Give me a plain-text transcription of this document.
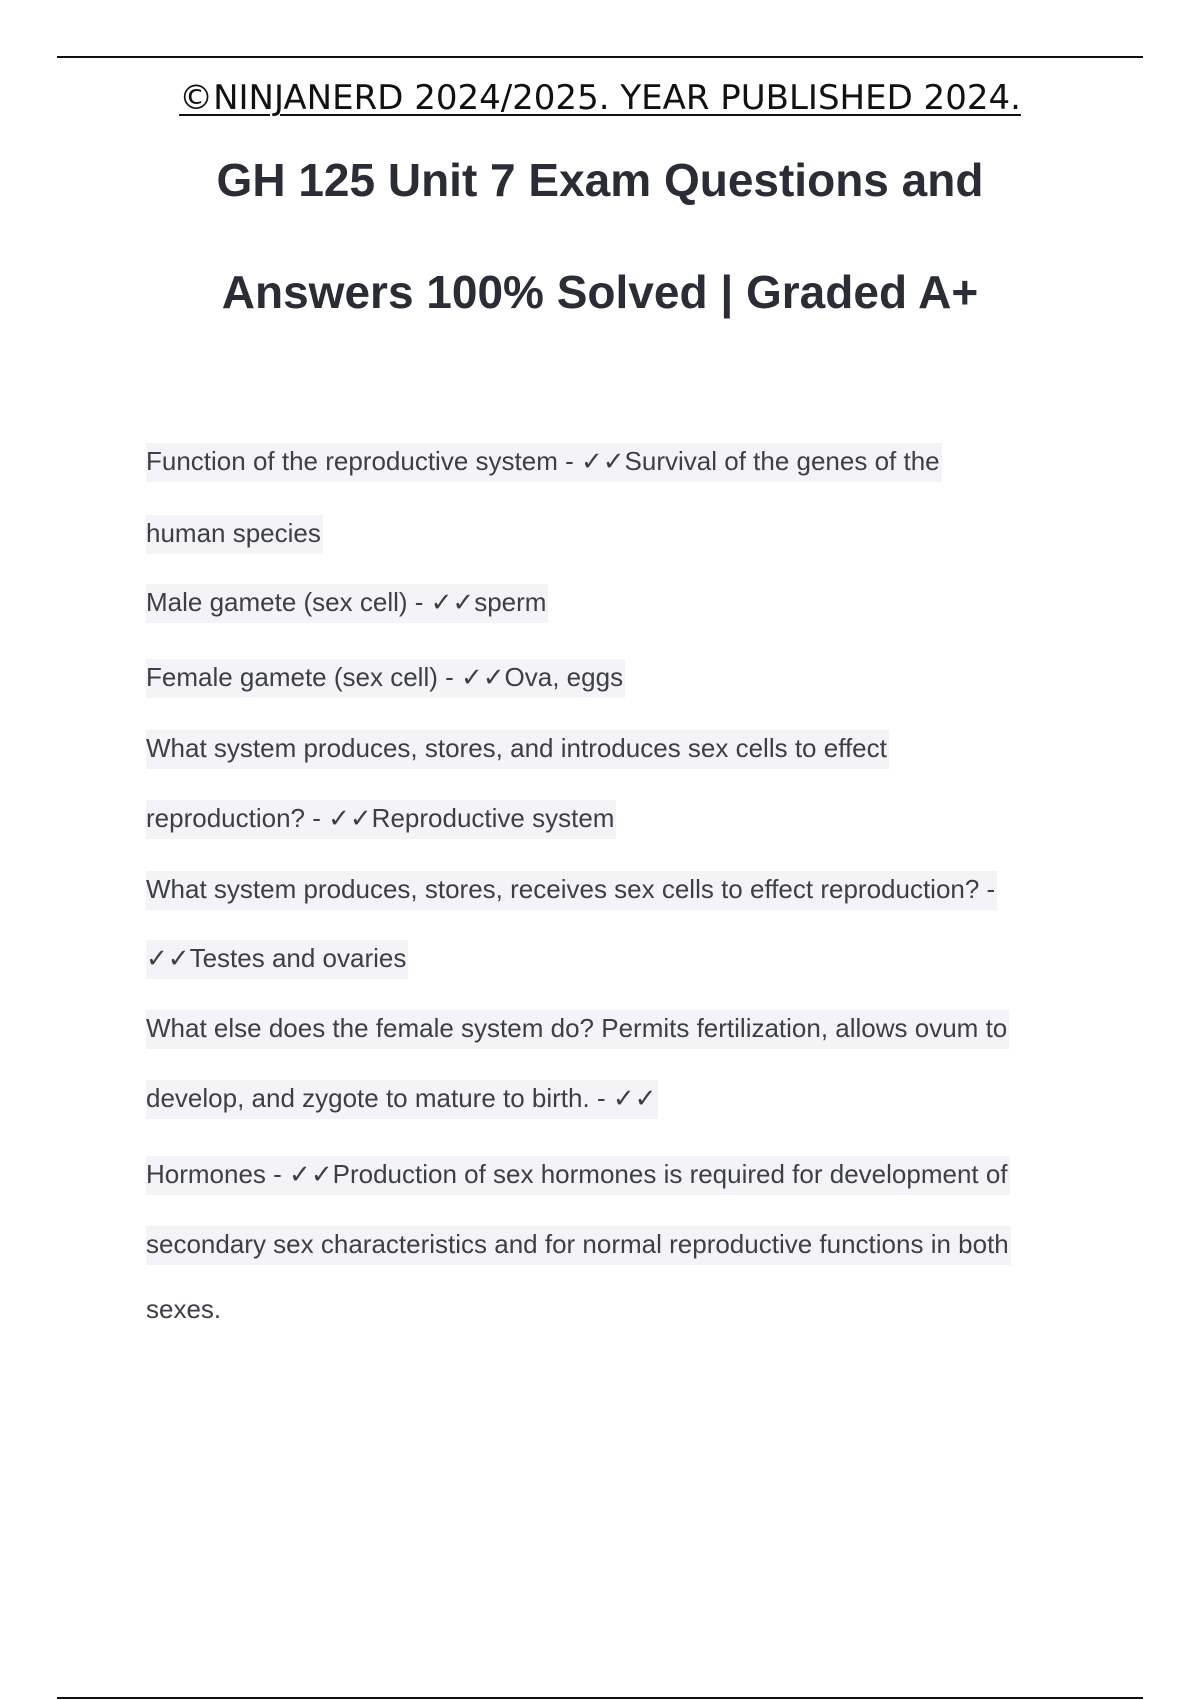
©NINJANERD 2024/2025. YEAR PUBLISHED 2024.
GH 125 Unit 7 Exam Questions and
Answers 100% Solved | Graded A+
Function of the reproductive system - ✓✓Survival of the genes of the
human species
Male gamete (sex cell) - ✓✓sperm
Female gamete (sex cell) - ✓✓Ova, eggs
What system produces, stores, and introduces sex cells to effect
reproduction? - ✓✓Reproductive system
What system produces, stores, receives sex cells to effect reproduction? -
✓✓Testes and ovaries
What else does the female system do? Permits fertilization, allows ovum to
develop, and zygote to mature to birth. - ✓✓
Hormones - ✓✓Production of sex hormones is required for development of
secondary sex characteristics and for normal reproductive functions in both
sexes.
